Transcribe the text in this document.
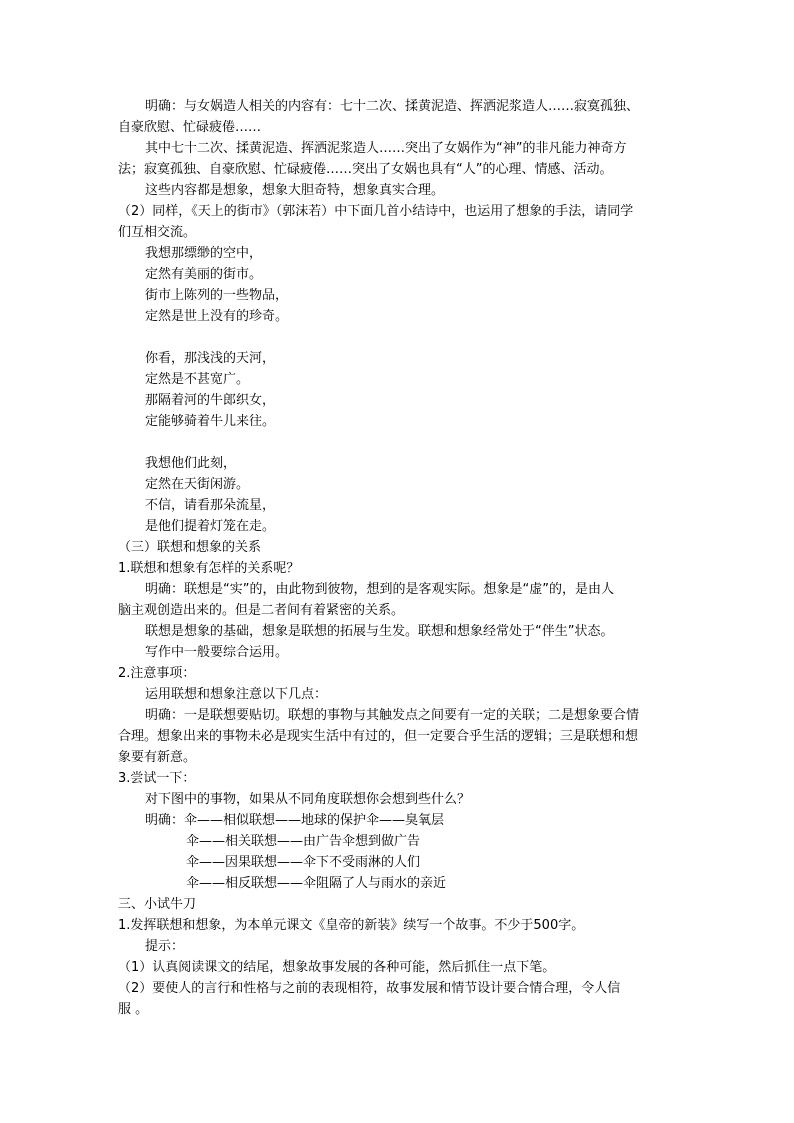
明确：与女娲造人相关的内容有：七十二次、揉黄泥造、挥洒泥浆造人……寂寞孤独、
自豪欣慰、忙碌疲倦……
其中七十二次、揉黄泥造、挥洒泥浆造人……突出了女娲作为“神”的非凡能力神奇方
法；寂寞孤独、自豪欣慰、忙碌疲倦……突出了女娲也具有“人”的心理、情感、活动。
这些内容都是想象，想象大胆奇特，想象真实合理。
（2）同样，《天上的街市》（郭沫若）中下面几首小结诗中，也运用了想象的手法，请同学
们互相交流。
我想那缥缈的空中，
定然有美丽的街市。
街市上陈列的一些物品，
定然是世上没有的珍奇。
你看，那浅浅的天河，
定然是不甚宽广。
那隔着河的牛郎织女，
定能够骑着牛儿来往。
我想他们此刻，
定然在天街闲游。
不信，请看那朵流星，
是他们提着灯笼在走。
（三）联想和想象的关系
1.联想和想象有怎样的关系呢？
明确：联想是“实”的，由此物到彼物，想到的是客观实际。想象是“虚”的，是由人
脑主观创造出来的。但是二者间有着紧密的关系。
联想是想象的基础，想象是联想的拓展与生发。联想和想象经常处于“伴生”状态。
写作中一般要综合运用。
2.注意事项：
运用联想和想象注意以下几点：
明确：一是联想要贴切。联想的事物与其触发点之间要有一定的关联；二是想象要合情
合理。想象出来的事物未必是现实生活中有过的，但一定要合乎生活的逻辑；三是联想和想
象要有新意。
3.尝试一下：
对下图中的事物，如果从不同角度联想你会想到些什么？
明确：伞——相似联想——地球的保护伞——臭氧层
伞——相关联想——由广告伞想到做广告
伞——因果联想——伞下不受雨淋的人们
伞——相反联想——伞阻隔了人与雨水的亲近
三、小试牛刀
1.发挥联想和想象，为本单元课文《皇帝的新装》续写一个故事。不少于500字。
提示：
（1）认真阅读课文的结尾，想象故事发展的各种可能，然后抓住一点下笔。
（2）要使人的言行和性格与之前的表现相符，故事发展和情节设计要合情合理，令人信
服 。
